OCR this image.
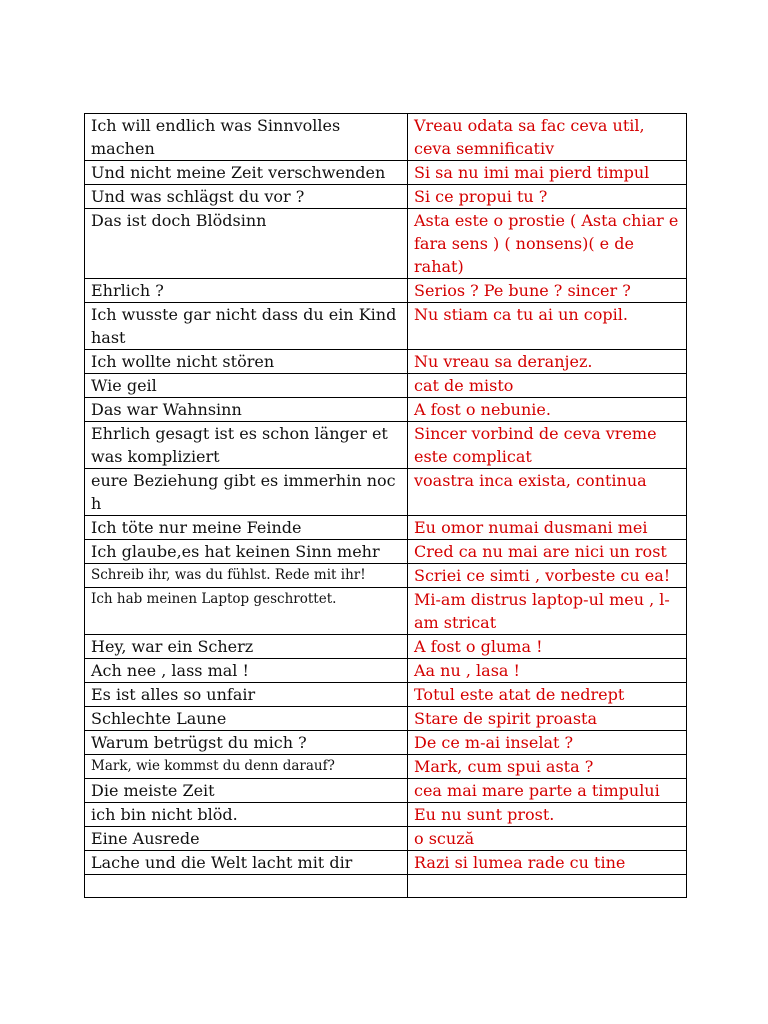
Ich will endlich was Sinnvolles machen	Vreau odata sa fac ceva util, ceva semnificativ
Und nicht meine Zeit verschwenden	Si sa nu imi mai pierd timpul
Und was schlägst du vor ?	Si ce propui tu ?
Das ist doch Blödsinn	Asta este o prostie ( Asta chiar e fara sens ) ( nonsens)( e de rahat)
Ehrlich ?	Serios ? Pe bune ? sincer ?
Ich wusste gar nicht dass du ein Kind hast	Nu stiam ca tu ai un copil.
Ich wollte nicht stören	Nu vreau sa deranjez.
Wie geil	cat de misto
Das war Wahnsinn	A fost o nebunie.
Ehrlich gesagt ist es schon länger et was kompliziert	Sincer vorbind de ceva vreme este complicat
eure Beziehung gibt es immerhin noc h	voastra inca exista, continua
Ich töte nur meine Feinde	Eu omor numai dusmani mei
Ich glaube,es hat keinen Sinn mehr	Cred ca nu mai are nici un rost
Schreib ihr, was du fühlst. Rede mit ihr!	Scriei ce simti , vorbeste cu ea!
Ich hab meinen Laptop geschrottet.	Mi-am distrus laptop-ul meu , l-am stricat
Hey, war ein Scherz	A fost o gluma !
Ach nee , lass mal !	Aa nu , lasa !
Es ist alles so unfair	Totul este atat de nedrept
Schlechte Laune	Stare de spirit proasta
Warum betrügst du mich ?	De ce m-ai inselat ?
Mark, wie kommst du denn darauf?	Mark, cum spui asta ?
Die meiste Zeit	cea mai mare parte a timpului
ich bin nicht blöd.	Eu nu sunt prost.
Eine Ausrede	o scuză
Lache und die Welt lacht mit dir	Razi si lumea rade cu tine
